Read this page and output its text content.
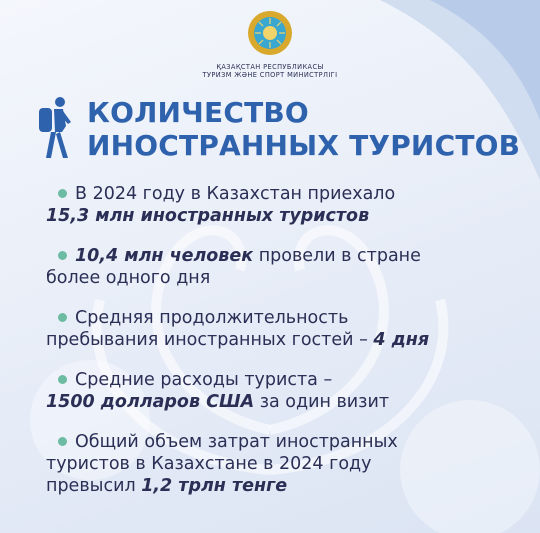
ҚАЗАҚСТАН РЕСПУБЛИКАСЫ
ТУРИЗМ ЖӘНЕ СПОРТ МИНИСТРЛІГІ
КОЛИЧЕСТВО
ИНОСТРАННЫХ ТУРИСТОВ
В 2024 году в Казахстан приехало
15,3 млн иностранных туристов
10,4 млн человек провели в стране
более одного дня
Средняя продолжительность
пребывания иностранных гостей – 4 дня
Средние расходы туриста –
1500 долларов США за один визит
Общий объем затрат иностранных
туристов в Казахстане в 2024 году
превысил 1,2 трлн тенге
